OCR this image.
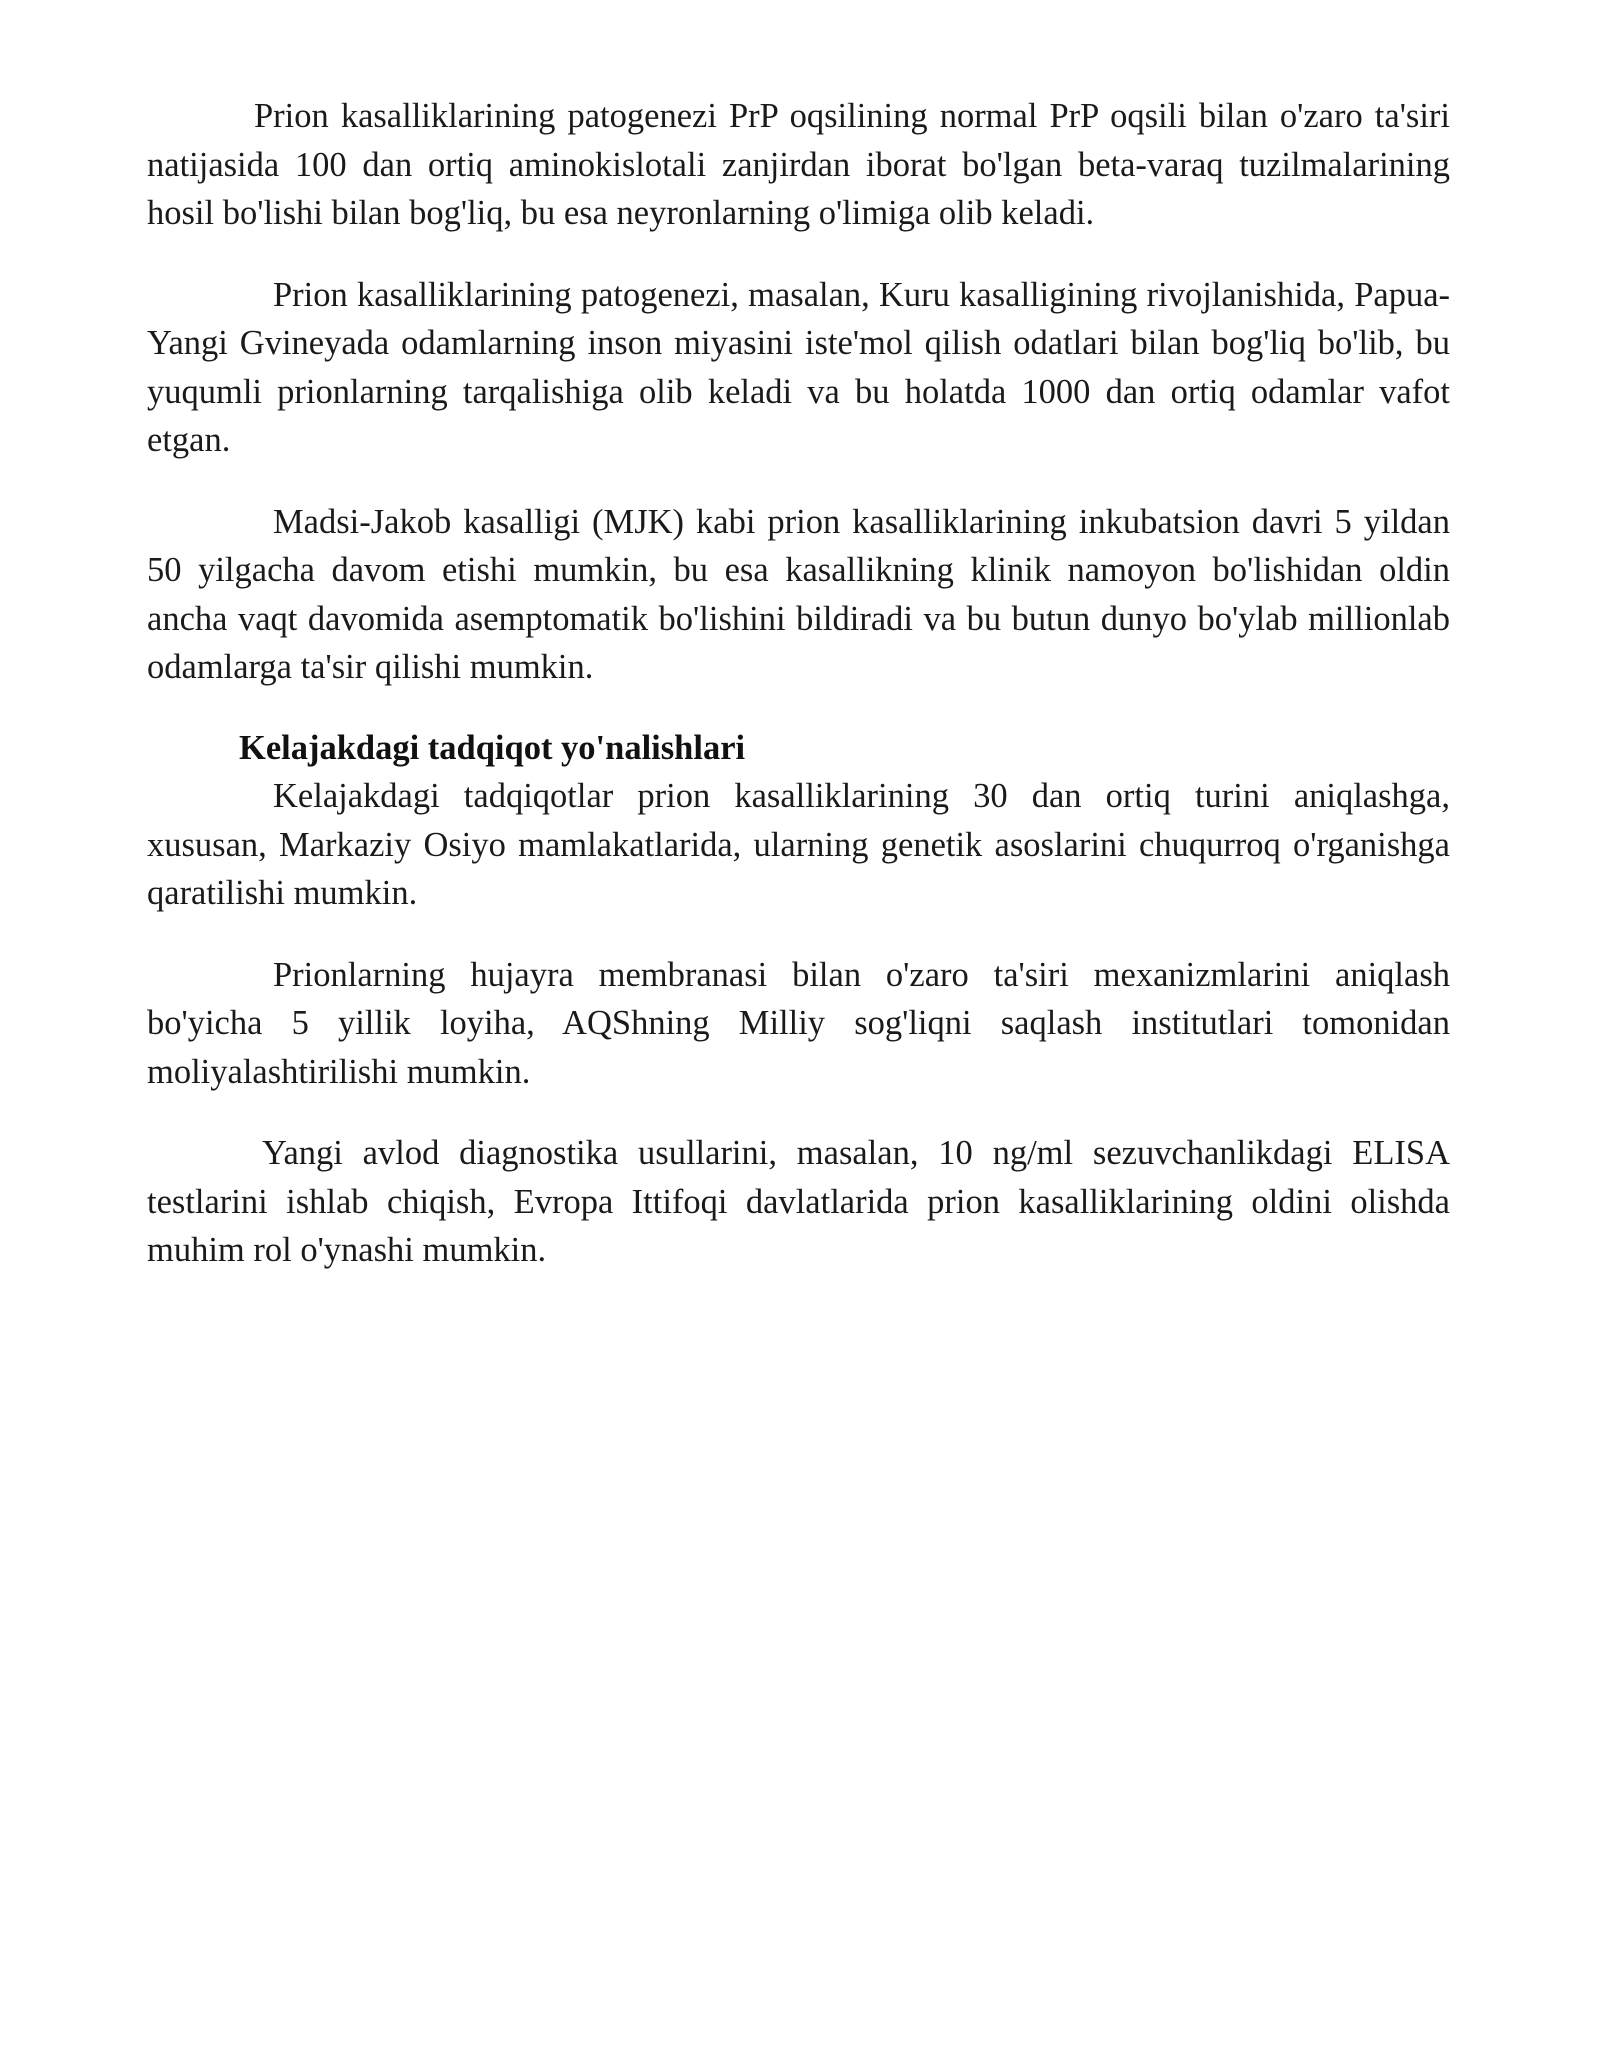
Prion kasalliklarining patogenezi PrP oqsilining normal PrP oqsili bilan o'zaro ta'siri natijasida 100 dan ortiq aminokislotali zanjirdan iborat bo'lgan beta-varaq tuzilmalarining hosil bo'lishi bilan bog'liq, bu esa neyronlarning o'limiga olib keladi.

Prion kasalliklarining patogenezi, masalan, Kuru kasalligining rivojlanishida, Papua-Yangi Gvineyada odamlarning inson miyasini iste'mol qilish odatlari bilan bog'liq bo'lib, bu yuqumli prionlarning tarqalishiga olib keladi va bu holatda 1000 dan ortiq odamlar vafot etgan.

Madsi-Jakob kasalligi (MJK) kabi prion kasalliklarining inkubatsion davri 5 yildan 50 yilgacha davom etishi mumkin, bu esa kasallikning klinik namoyon bo'lishidan oldin ancha vaqt davomida asemptomatik bo'lishini bildiradi va bu butun dunyo bo'ylab millionlab odamlarga ta'sir qilishi mumkin.

Kelajakdagi tadqiqot yo'nalishlari

Kelajakdagi tadqiqotlar prion kasalliklarining 30 dan ortiq turini aniqlashga, xususan, Markaziy Osiyo mamlakatlarida, ularning genetik asoslarini chuqurroq o'rganishga qaratilishi mumkin.

Prionlarning hujayra membranasi bilan o'zaro ta'siri mexanizmlarini aniqlash bo'yicha 5 yillik loyiha, AQShning Milliy sog'liqni saqlash institutlari tomonidan moliyalashtirilishi mumkin.

Yangi avlod diagnostika usullarini, masalan, 10 ng/ml sezuvchanlikdagi ELISA testlarini ishlab chiqish, Evropa Ittifoqi davlatlarida prion kasalliklarining oldini olishda muhim rol o'ynashi mumkin.
